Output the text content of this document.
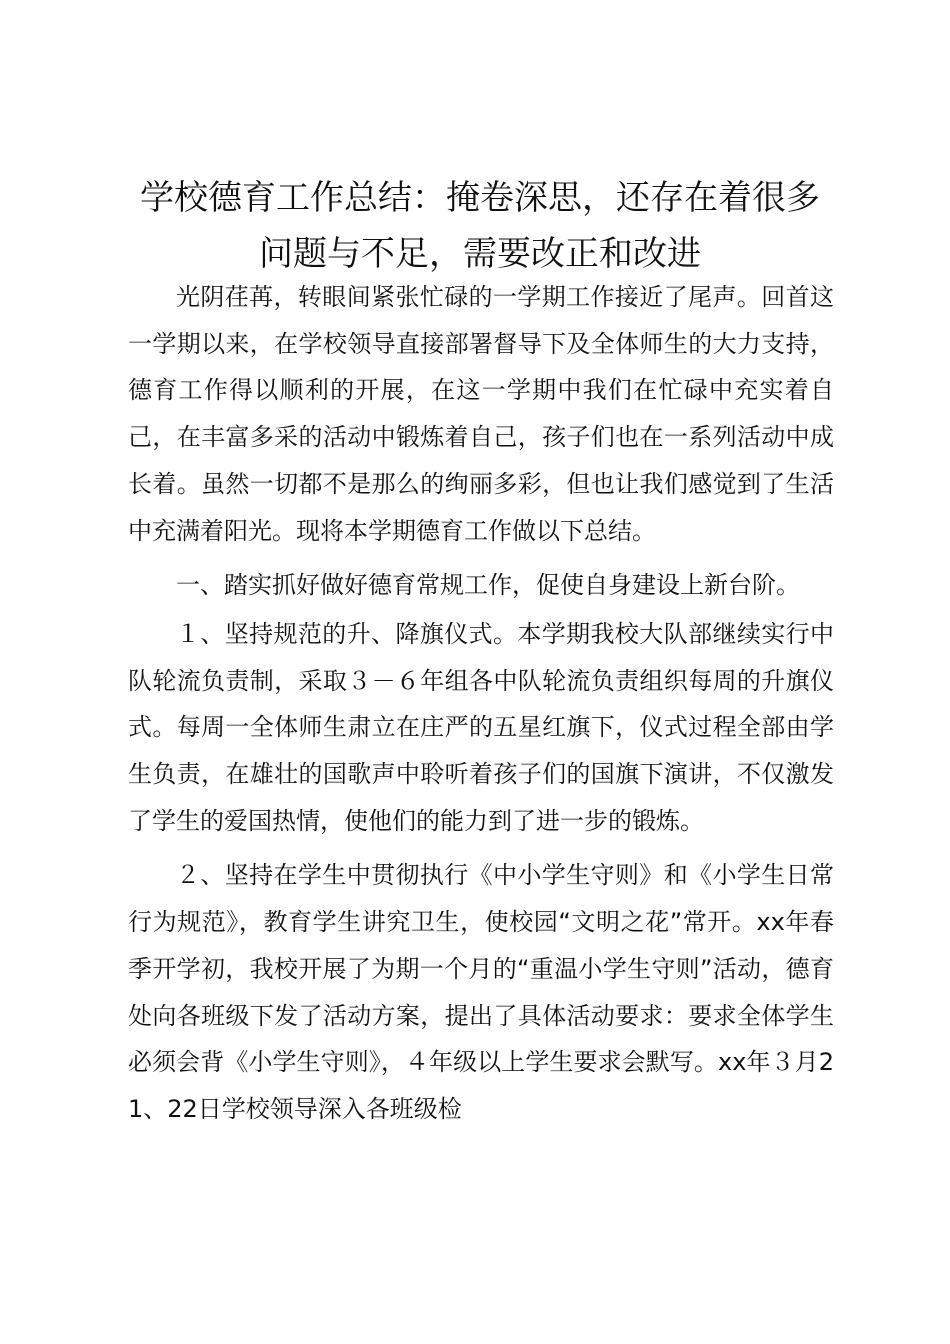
学校德育工作总结：掩卷深思，还存在着很多
问题与不足，需要改正和改进

光阴荏苒，转眼间紧张忙碌的一学期工作接近了尾声。回首这一学期以来，在学校领导直接部署督导下及全体师生的大力支持，德育工作得以顺利的开展，在这一学期中我们在忙碌中充实着自己，在丰富多采的活动中锻炼着自己，孩子们也在一系列活动中成长着。虽然一切都不是那么的绚丽多彩，但也让我们感觉到了生活中充满着阳光。现将本学期德育工作做以下总结。

一、踏实抓好做好德育常规工作，促使自身建设上新台阶。

１、坚持规范的升、降旗仪式。本学期我校大队部继续实行中队轮流负责制，采取３－６年组各中队轮流负责组织每周的升旗仪式。每周一全体师生肃立在庄严的五星红旗下，仪式过程全部由学生负责，在雄壮的国歌声中聆听着孩子们的国旗下演讲，不仅激发了学生的爱国热情，使他们的能力到了进一步的锻炼。

２、坚持在学生中贯彻执行《中小学生守则》和《小学生日常行为规范》，教育学生讲究卫生，使校园“文明之花”常开。xx年春季开学初，我校开展了为期一个月的“重温小学生守则”活动，德育处向各班级下发了活动方案，提出了具体活动要求：要求全体学生必须会背《小学生守则》，４年级以上学生要求会默写。xx年３月21、22日学校领导深入各班级检
